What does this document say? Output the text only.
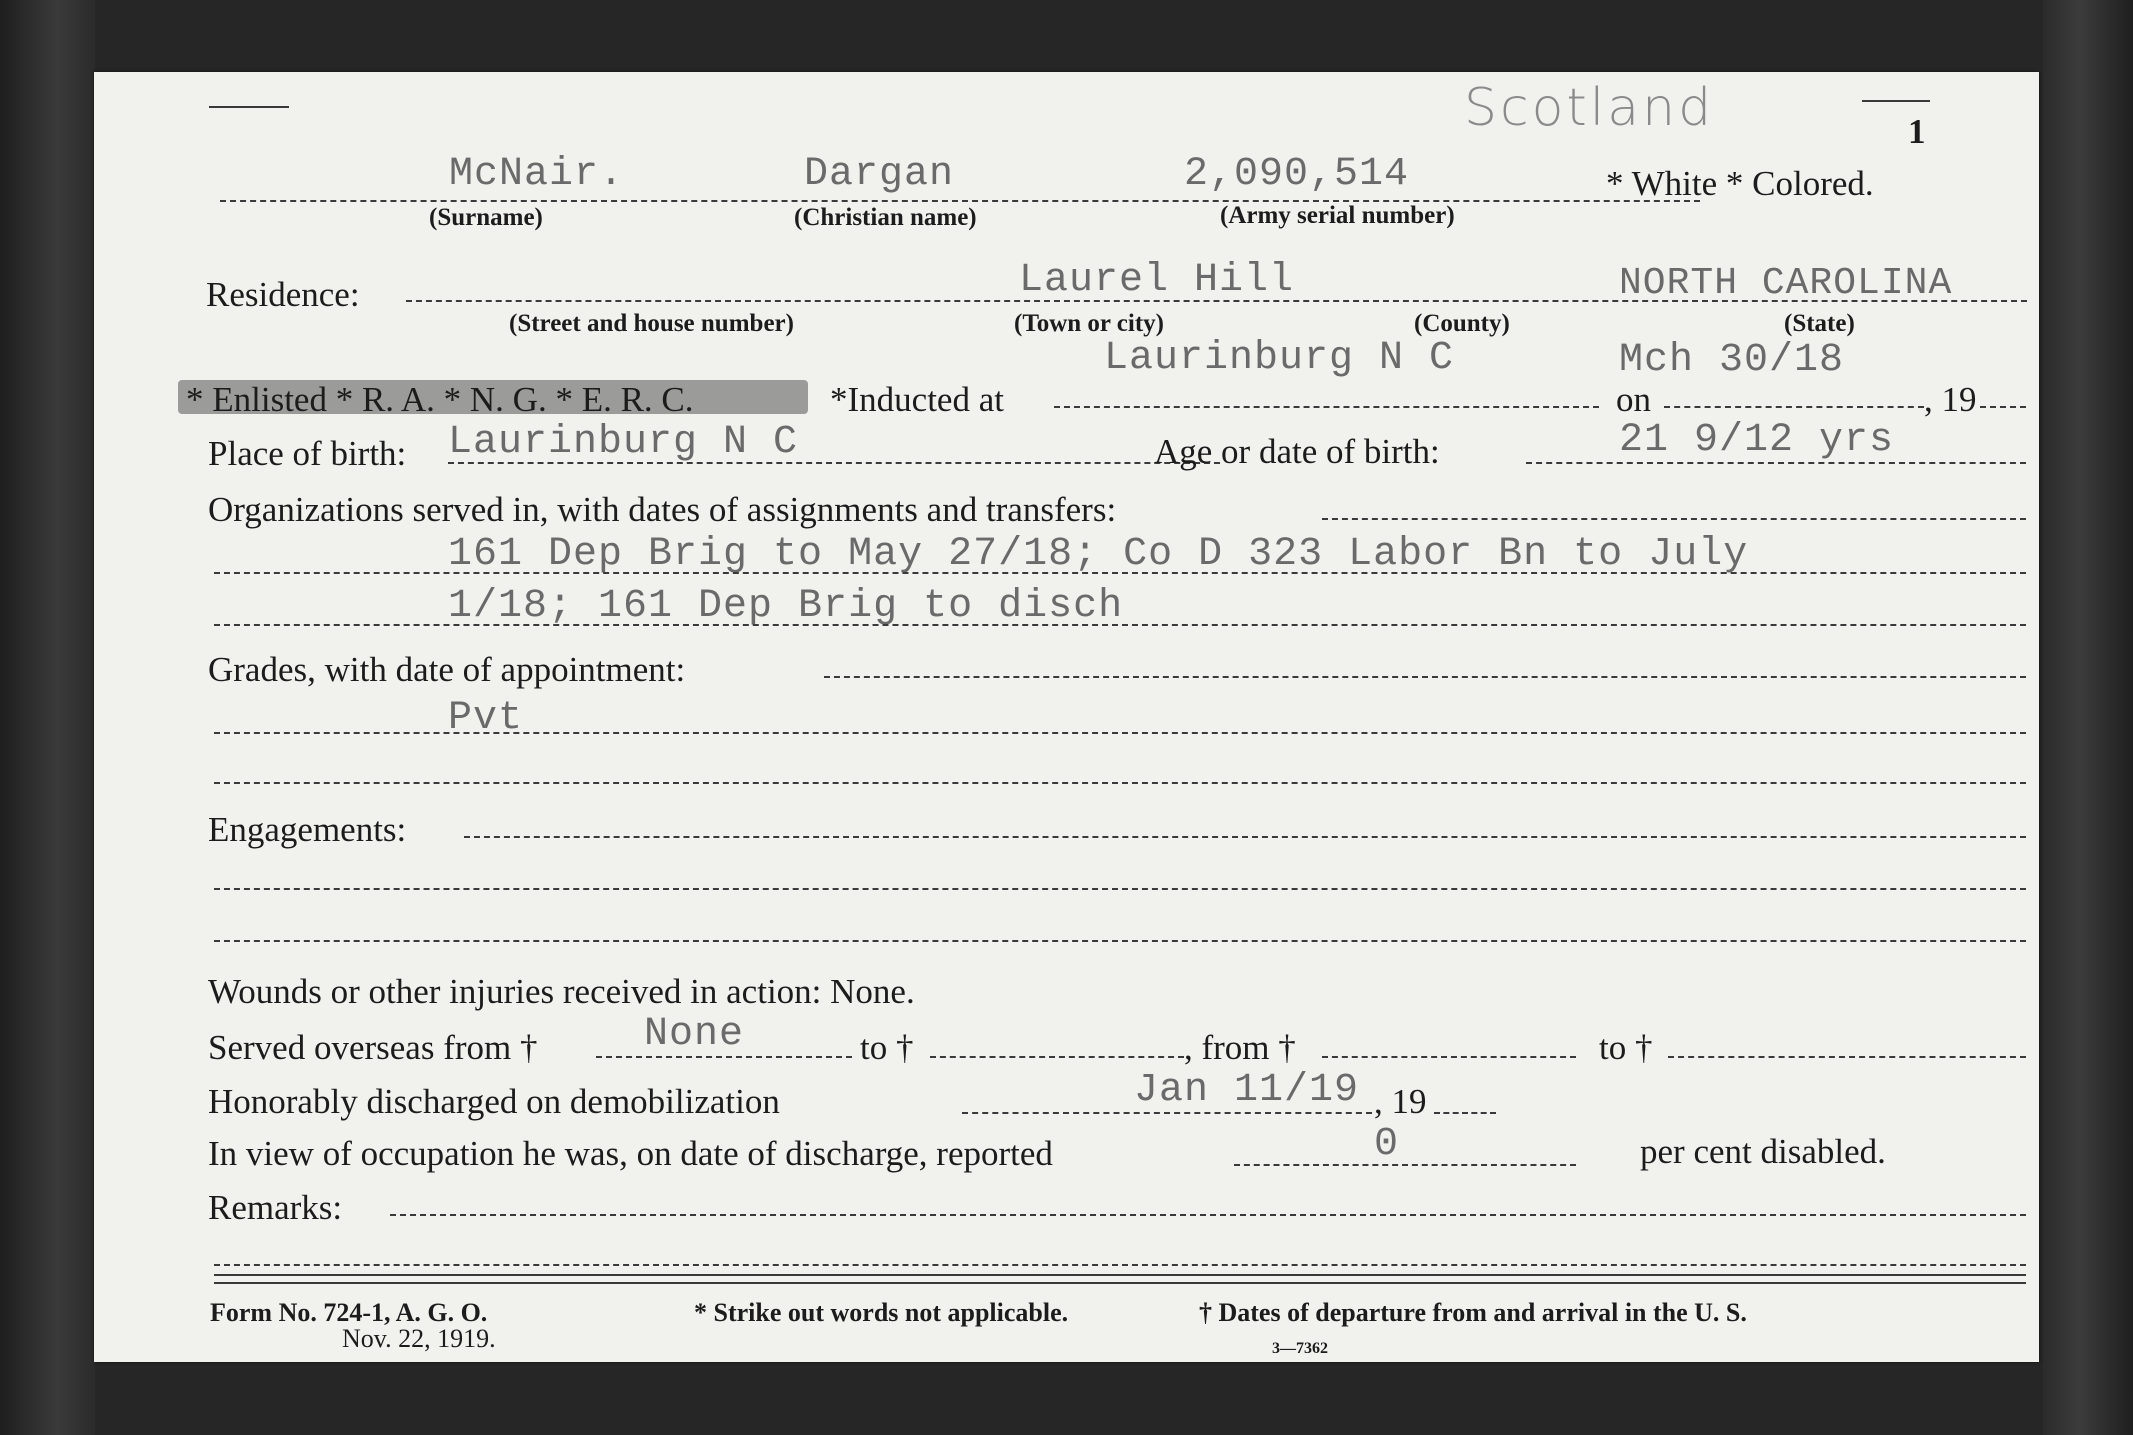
1
Scotland
McNair.	Dargan	2,090,514	* White * Colored.
(Surname)	(Christian name)	(Army serial number)
Residence:	Laurel Hill	NORTH CAROLINA
(Street and house number)	(Town or city)	(County)	(State)
Laurinburg N C	Mch 30/18
* Enlisted * R. A. * N. G. * E. R. C.	*Inducted at	on	, 19
Place of birth: Laurinburg N C	Age or date of birth:	21 9/12 yrs
Organizations served in, with dates of assignments and transfers:
161 Dep Brig to May 27/18; Co D 323 Labor Bn to July
1/18; 161 Dep Brig to disch
Grades, with date of appointment:
Pvt
Engagements:
Wounds or other injuries received in action: None.
Served overseas from †	None	to †	, from †	to †
Honorably discharged on demobilization	Jan 11/19 , 19
In view of occupation he was, on date of discharge, reported	0	per cent disabled.
Remarks:
Form No. 724-1, A. G. O.
Nov. 22, 1919.
* Strike out words not applicable.	† Dates of departure from and arrival in the U. S.
3—7362
